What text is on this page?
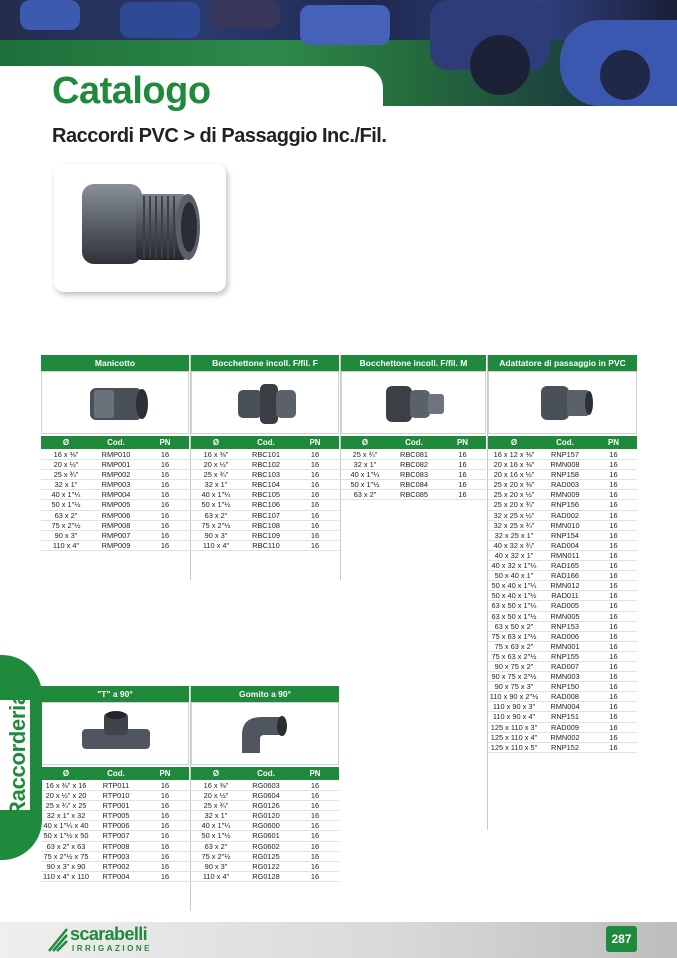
Catalogo
Raccordi PVC > di Passaggio Inc./Fil.
Manicotto
Ø	Cod.	PN
16 x ⅜"	RMP010	16
20 x ½"	RMP001	16
25 x ¾"	RMP002	16
32 x 1"	RMP003	16
40 x 1"¼	RMP004	16
50 x 1"½	RMP005	16
63 x 2"	RMP006	16
75 x 2"½	RMP008	16
90 x 3"	RMP007	16
110 x 4"	RMP009	16
Bocchettone incoll. F/fil. F
Ø	Cod.	PN
16 x ⅜"	RBC101	16
20 x ½"	RBC102	16
25 x ¾"	RBC103	16
32 x 1"	RBC104	16
40 x 1"¼	RBC105	16
50 x 1"½	RBC106	16
63 x 2"	RBC107	16
75 x 2"½	RBC108	16
90 x 3"	RBC109	16
110 x 4"	RBC110	16
Bocchettone incoll. F/fil. M
Ø	Cod.	PN
25 x ¾"	RBC081	16
32 x 1"	RBC082	16
40 x 1"¼	RBC083	16
50 x 1"½	RBC084	16
63 x 2"	RBC085	16
Adattatore di passaggio in PVC
Ø	Cod.	PN
16 x 12 x ⅜"	RNP157	16
20 x 16 x ⅜"	RMN008	16
20 x 16 x ½"	RNP158	16
25 x 20 x ⅜"	RAD003	16
25 x 20 x ½"	RMN009	16
25 x 20 x ¾"	RNP156	16
32 x 25 x ½"	RAD002	16
32 x 25 x ¾"	RMN010	16
32 x 25 x 1"	RNP154	16
40 x 32 x ¾"	RAD004	16
40 x 32 x 1"	RMN011	16
40 x 32 x 1"¼	RAD165	16
50 x 40 x 1"	RAD166	16
50 x 40 x 1"¼	RMN012	16
50 x 40 x 1"½	RAD011	16
63 x 50 x 1"¼	RAD005	16
63 x 50 x 1"½	RMN005	16
63 x 50 x 2"	RNP153	16
75 x 63 x 1"½	RAD006	16
75 x 63 x 2"	RMN001	16
75 x 63 x 2"½	RNP155	16
90 x 75 x 2"	RAD007	16
90 x 75 x 2"½	RMN003	16
90 x 75 x 3"	RNP150	16
110 x 90 x 2"½	RAD008	16
110 x 90 x 3"	RMN004	16
110 x 90 x 4"	RNP151	16
125 x 110 x 3"	RAD009	16
125 x 110 x 4"	RMN002	16
125 x 110 x 5"	RNP152	16
"T" a 90°
Ø	Cod.	PN
16 x ⅜" x 16	RTP011	16
20 x ½" x 20	RTP010	16
25 x ¾" x 25	RTP001	16
32 x 1" x 32	RTP005	16
40 x 1"¼ x 40	RTP006	16
50 x 1"½ x 50	RTP007	16
63 x 2" x 63	RTP008	16
75 x 2"½ x 75	RTP003	16
90 x 3" x 90	RTP002	16
110 x 4" x 110	RTP004	16
Gomito a 90°
Ø	Cod.	PN
16 x ⅜"	RG0603	16
20 x ½"	RG0604	16
25 x ¾"	RG0126	16
32 x 1"	RG0120	16
40 x 1"¼	RG0600	16
50 x 1"½	RG0601	16
63 x 2"	RG0602	16
75 x 2"½	RG0125	16
90 x 3"	RG0122	16
110 x 4"	RG0128	16
Raccorderia
scarabelli
IRRIGAZIONE
287
